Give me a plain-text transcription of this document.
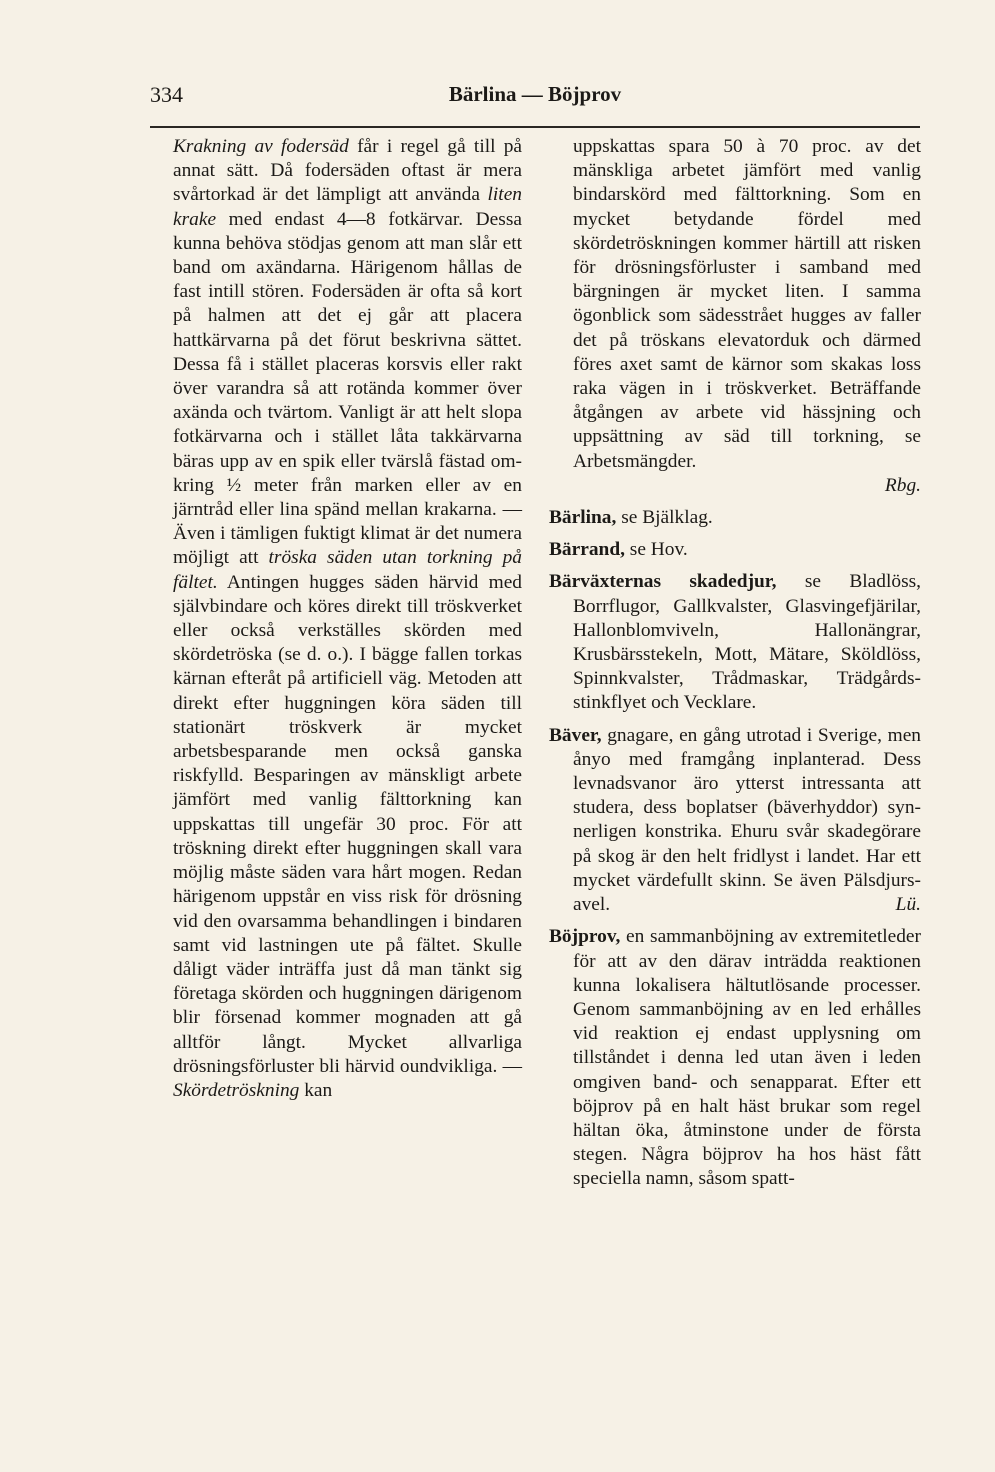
334	Bärlina — Böjprov

Krakning av fodersäd får i regel gå till på annat sätt. Då fodersäden oftast är mera svårtorkad är det lämpligt att använda liten krake med endast 4—8 fotkärvar. Dessa kunna behöva stödjas genom att man slår ett band om axändarna. Härigenom hållas de fast intill stören. Fodersäden är ofta så kort på halmen att det ej går att placera hattkärvarna på det förut beskrivna sättet. Dessa få i stället placeras korsvis eller rakt över varandra så att rotända kommer över axända och tvärtom. Vanligt är att helt slopa fotkärvarna och i stället låta takkärvarna bäras upp av en spik eller tvärslå fästad omkring ½ meter från marken eller av en järntråd eller lina spänd mellan krakarna. — Även i tämligen fuktigt klimat är det numera möjligt att tröska säden utan torkning på fältet. Antingen hugges säden härvid med självbindare och köres direkt till tröskverket eller också verkställes skörden med skördetröska (se d. o.). I bägge fallen torkas kärnan efteråt på artificiell väg. Metoden att direkt efter huggningen köra säden till stationärt tröskverk är mycket arbetsbesparande men också ganska riskfylld. Besparingen av mänskligt arbete jämfört med vanlig fälttorkning kan uppskattas till ungefär 30 proc. För att tröskning direkt efter huggningen skall vara möjlig måste säden vara hårt mogen. Redan härigenom uppstår en viss risk för drösning vid den ovarsamma behandlingen i bindaren samt vid lastningen ute på fältet. Skulle dåligt väder inträffa just då man tänkt sig företaga skörden och huggningen därigenom blir försenad kommer mognaden att gå alltför långt. Mycket allvarliga drösningsförluster bli härvid oundvikliga. — Skördetröskning kan

uppskattas spara 50 à 70 proc. av det mänskliga arbetet jämfört med vanlig bindarskörd med fälttorkning. Som en mycket betydande fördel med skördetröskningen kommer härtill att risken för drösningsförluster i samband med bärgningen är mycket liten. I samma ögonblick som sädesstrået hugges av faller det på tröskans elevatorduk och därmed föres axet samt de kärnor som skakas loss raka vägen in i tröskverket. Beträffande åtgången av arbete vid hässjning och uppsättning av säd till torkning, se Arbetsmängder.

Rbg.

Bärlina, se Bjälklag.

Bärrand, se Hov.

Bärväxternas skadedjur, se Bladlöss, Borrflugor, Gallkvalster, Glasvingefjärilar, Hallonblomviveln, Hallonängrar, Krusbärsstekeln, Mott, Mätare, Sköldlöss, Spinnkvalster, Trådmaskar, Trädgårdsstinkflyet och Vecklare.

Bäver, gnagare, en gång utrotad i Sverige, men ånyo med framgång inplanterad. Dess levnadsvanor äro ytterst intressanta att studera, dess boplatser (bäverhyddor) synnerligen konstrika. Ehuru svår skadegörare på skog är den helt fridlyst i landet. Har ett mycket värdefullt skinn. Se även Pälsdjursavel.	Lü.

Böjprov, en sammanböjning av extremitetleder för att av den därav inträdda reaktionen kunna lokalisera hältutlösande processer. Genom sammanböjning av en led erhålles vid reaktion ej endast upplysning om tillståndet i denna led utan även i leden omgiven band- och senapparat. Efter ett böjprov på en halt häst brukar som regel hältan öka, åtminstone under de första stegen. Några böjprov ha hos häst fått speciella namn, såsom spatt-
